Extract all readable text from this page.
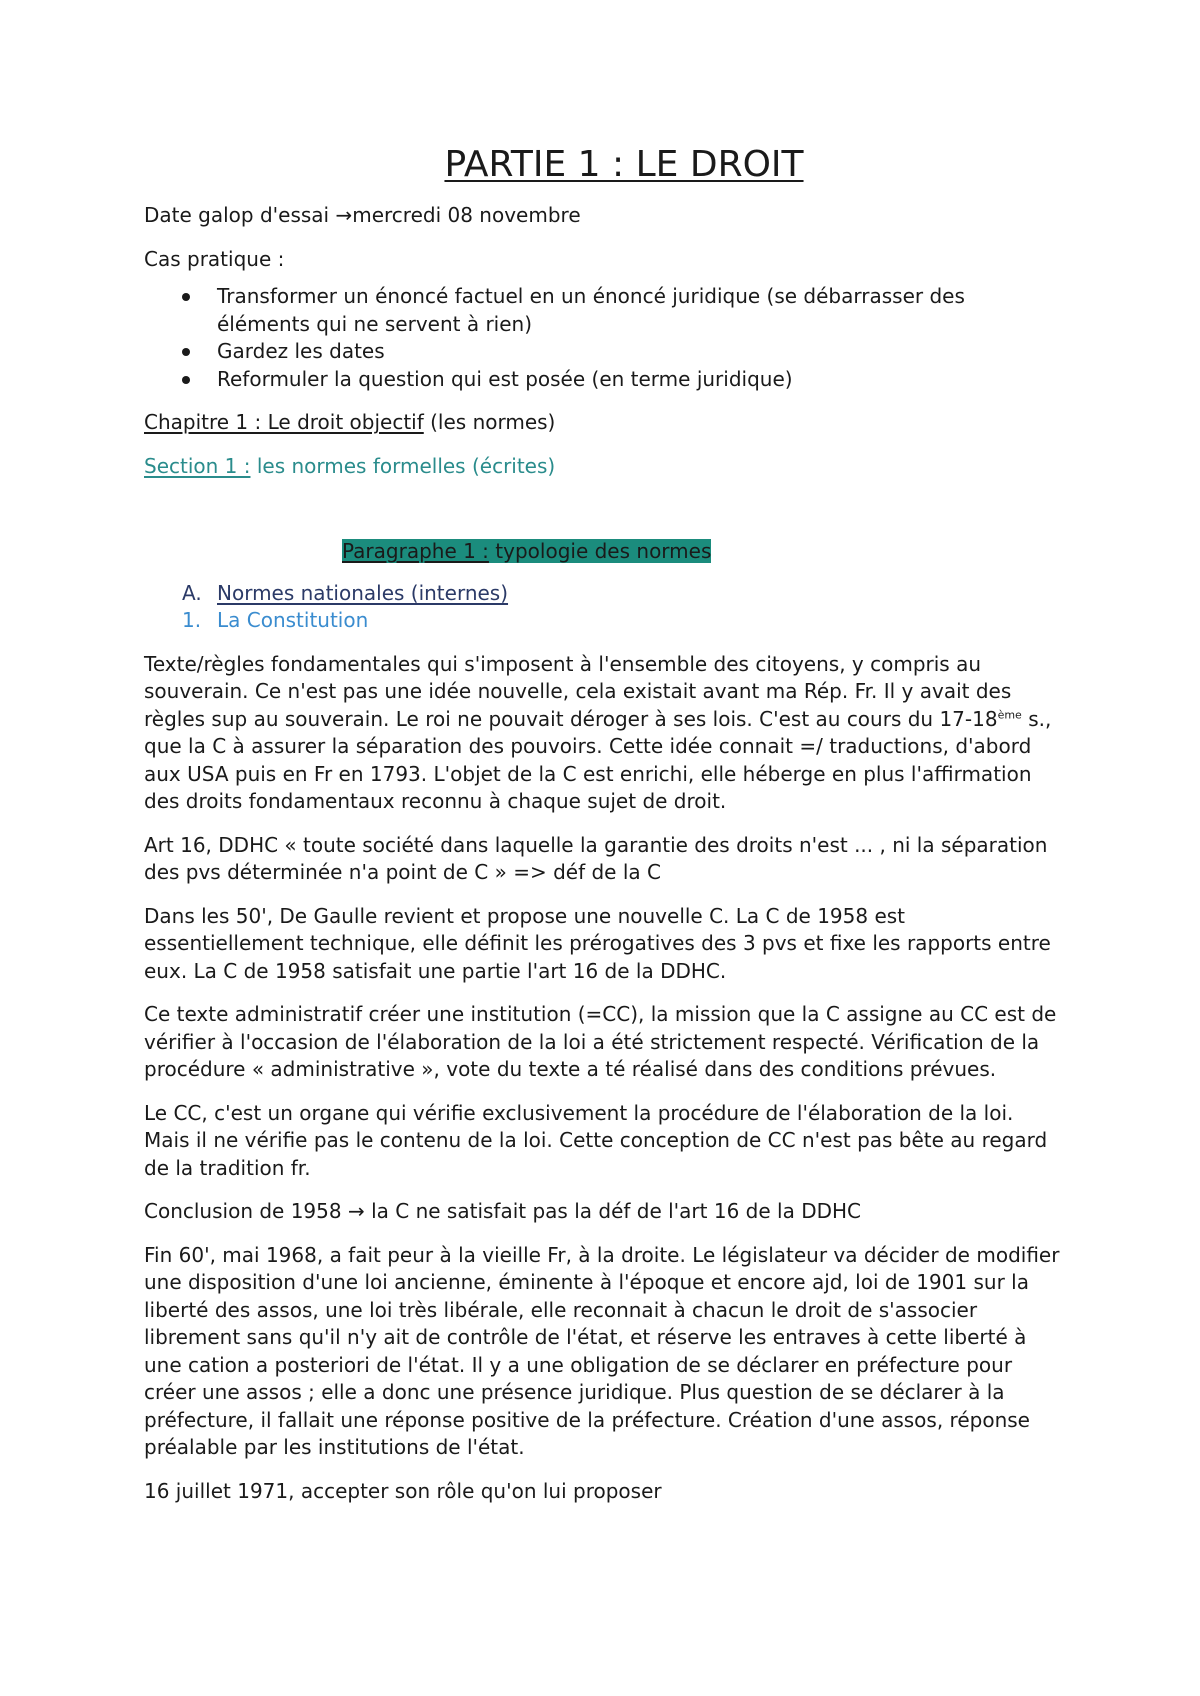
PARTIE 1 : LE DROIT

Date galop d'essai →mercredi 08 novembre

Cas pratique :

Transformer un énoncé factuel en un énoncé juridique (se débarrasser des éléments qui ne servent à rien)
Gardez les dates
Reformuler la question qui est posée (en terme juridique)

Chapitre 1 : Le droit objectif (les normes)

Section 1 : les normes formelles (écrites)

Paragraphe 1 : typologie des normes

A. Normes nationales (internes)
1. La Constitution

Texte/règles fondamentales qui s'imposent à l'ensemble des citoyens, y compris au souverain. Ce n'est pas une idée nouvelle, cela existait avant ma Rép. Fr. Il y avait des règles sup au souverain. Le roi ne pouvait déroger à ses lois. C'est au cours du 17-18ème s., que la C à assurer la séparation des pouvoirs. Cette idée connait =/ traductions, d'abord aux USA puis en Fr en 1793. L'objet de la C est enrichi, elle héberge en plus l'affirmation des droits fondamentaux reconnu à chaque sujet de droit.

Art 16, DDHC « toute société dans laquelle la garantie des droits n'est ... , ni la séparation des pvs déterminée n'a point de C » => déf de la C

Dans les 50', De Gaulle revient et propose une nouvelle C. La C de 1958 est essentiellement technique, elle définit les prérogatives des 3 pvs et fixe les rapports entre eux. La C de 1958 satisfait une partie l'art 16 de la DDHC.

Ce texte administratif créer une institution (=CC), la mission que la C assigne au CC est de vérifier à l'occasion de l'élaboration de la loi a été strictement respecté. Vérification de la procédure « administrative », vote du texte a té réalisé dans des conditions prévues.

Le CC, c'est un organe qui vérifie exclusivement la procédure de l'élaboration de la loi. Mais il ne vérifie pas le contenu de la loi. Cette conception de CC n'est pas bête au regard de la tradition fr.

Conclusion de 1958 → la C ne satisfait pas la déf de l'art 16 de la DDHC

Fin 60', mai 1968, a fait peur à la vieille Fr, à la droite. Le législateur va décider de modifier une disposition d'une loi ancienne, éminente à l'époque et encore ajd, loi de 1901 sur la liberté des assos, une loi très libérale, elle reconnait à chacun le droit de s'associer librement sans qu'il n'y ait de contrôle de l'état, et réserve les entraves à cette liberté à une cation a posteriori de l'état. Il y a une obligation de se déclarer en préfecture pour créer une assos ; elle a donc une présence juridique. Plus question de se déclarer à la préfecture, il fallait une réponse positive de la préfecture. Création d'une assos, réponse préalable par les institutions de l'état.

16 juillet 1971, accepter son rôle qu'on lui proposer
